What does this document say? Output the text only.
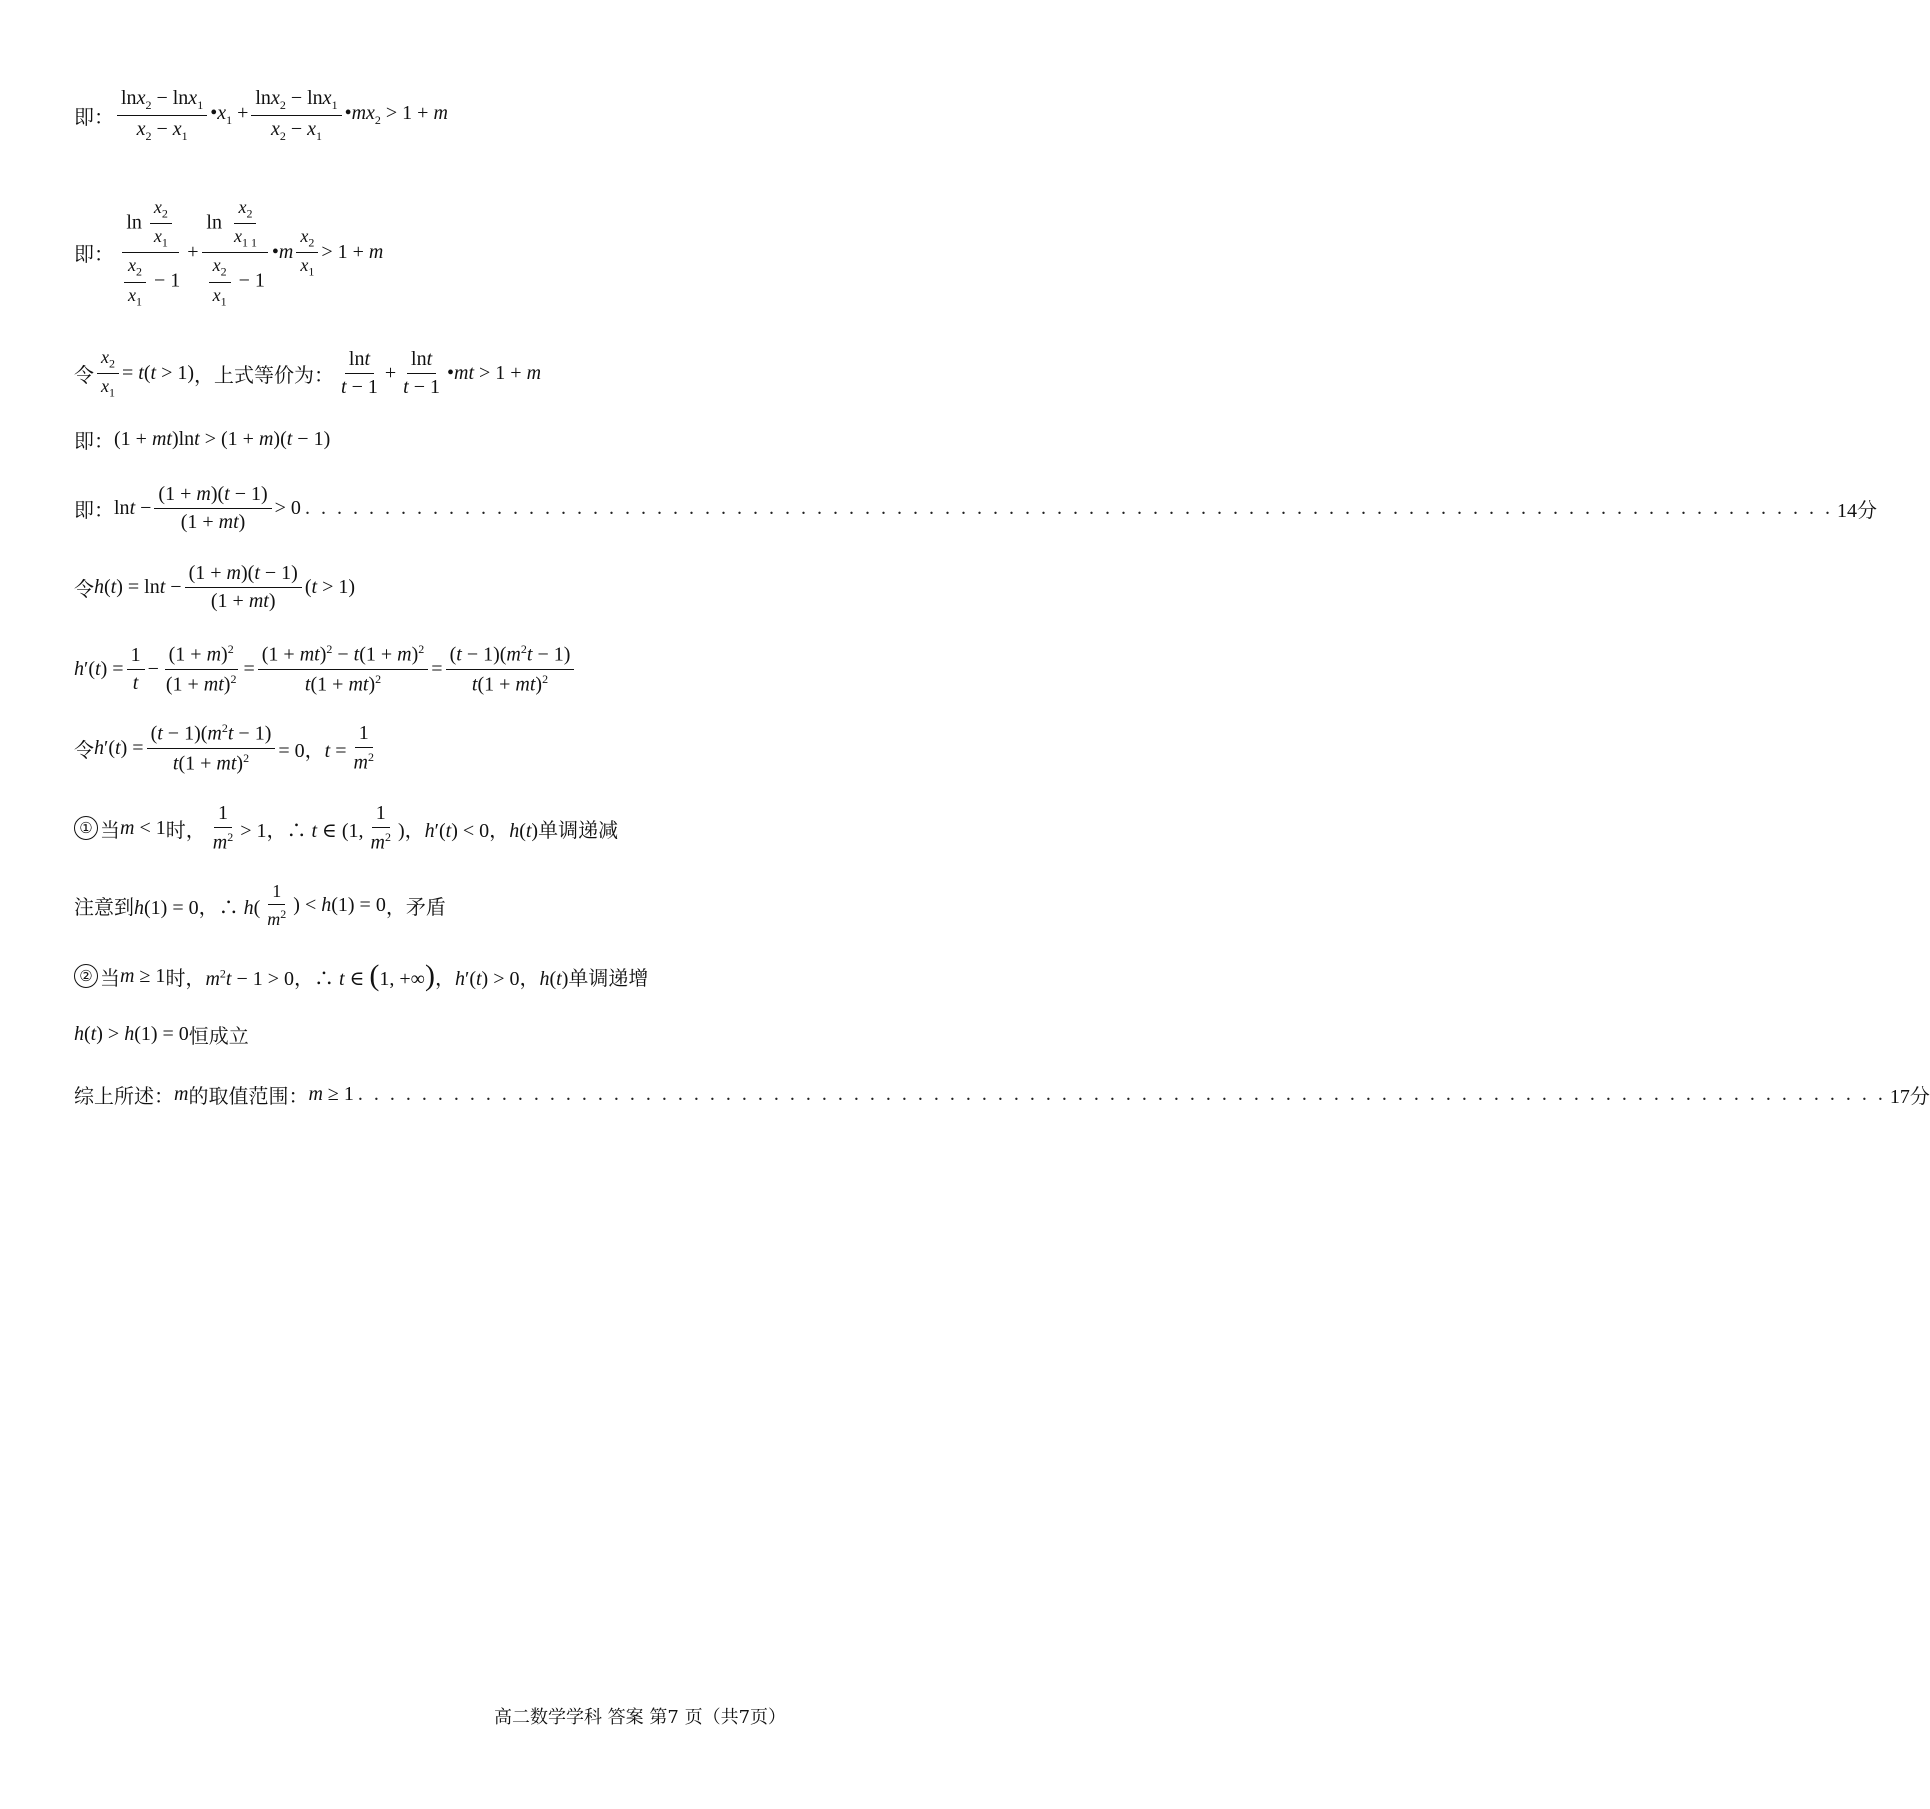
即： $\frac{\ln x_2 - \ln x_1}{x_2 - x_1}$ $•x_1 + \frac{\ln x_2 - \ln x_1}{x_2 - x_1}$ $•mx_2 > 1 + m$
即： $\frac{\ln \frac{x_2}{x_1}}{\frac{x_2}{x_1} - 1} + \frac{\ln \frac{x_2}{x_{1 1}}}{\frac{x_2}{x_1} - 1}$ •m $\frac{x_2}{x_1} > 1 + m$
令 $\frac{x_2}{x_1} = t(t > 1)$ ，上式等价为： $\frac{\ln t}{t - 1} + \frac{\ln t}{t - 1}$ •mt > 1 + m
即： (1 + mt)lnt > (1 + m)(t − 1)
即： $\ln t - \frac{(1 + m)(t - 1)}{(1 + mt)} > 0$ . . . . . . . . . . . . . . . . . . . . . . . . . . . . . . . . . . . . . . . . . . . . . . . . . . . . . . . . . . . . . . . . . . . . . . . . . . . . . . . . . . . . . . . . . . . . . . . . 14分
令 $h(t) = \ln t - \frac{(1 + m)(t - 1)}{(1 + mt)} (t > 1)$
$h'(t) = \frac{1}{t} - \frac{(1 + m)^2}{(1 + mt)^2} = \frac{(1 + mt)^2 - t(1 + m)^2}{t(1 + mt)^2} = \frac{(t - 1)(m^2t - 1)}{t(1 + mt)^2}$
令 $h'(t) = \frac{(t - 1)(m^2t - 1)}{t(1 + mt)^2} = 0$，$t = \frac{1}{m^2}$
① 当 m < 1 时， $\frac{1}{m^2} > 1$，∴ t ∈ (1, $\frac{1}{m^2}$ )，h′(t) < 0，h(t) 单调递减
注意到 h(1) = 0，∴ $h( \frac{1}{m^2}$ ) < h(1) = 0 ，矛盾
② 当 m ≥ 1 时， $m^2t - 1 > 0$，∴ t ∈ (1, +∞)，h′(t) > 0，h(t) 单调递增
h(t) > h(1) = 0 恒成立
综上所述： m 的取值范围： m ≥ 1 . . . . . . . . . . . . . . . . . . . . . . . . . . . . . . . . . . . . . . . . . . . . . . . . . . . . . . . . . . . . . . . . . . . . . . . . . . . . . . . . . . . . . . . . . . . . . . . . 17分
高二数学学科 答案 第7 页（共7页）
